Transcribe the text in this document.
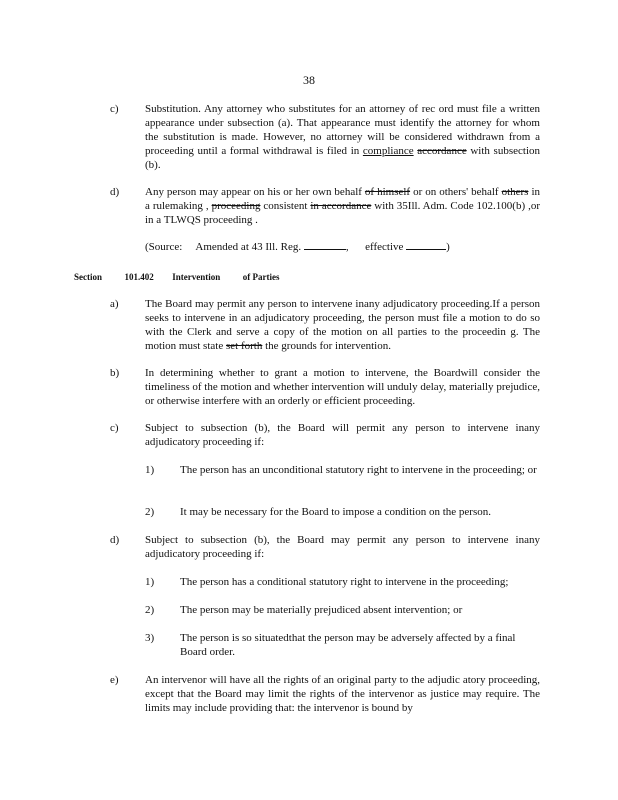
38
c) Substitution. Any attorney who substitutes for an attorney of rec ord must file a written appearance under subsection (a). That appearance must identify the attorney for whom the substitution is made. However, no attorney will be considered withdrawn from a proceeding until a formal withdrawal is filed in compliance accordance with subsection (b).
d) Any person may appear on his or her own behalf of himself or on others' behalf others in a rulemaking , proceeding consistent in accordance with 35Ill. Adm. Code 102.100(b) ,or in a TLWQS proceeding .
(Source: Amended at 43 Ill. Reg.	,      effective	)
Section	101.402 Intervention	of Parties
a) The Board may permit any person to intervene inany adjudicatory proceeding.If a person seeks to intervene in an adjudicatory proceeding, the person must file a motion to do so with the Clerk and serve a copy of the motion on all parties to the proceedin g. The motion must state set forth the grounds for intervention.
b) In determining whether to grant a motion to intervene, the Boardwill consider the timeliness of the motion and whether intervention will unduly delay, materially prejudice, or otherwise interfere with an orderly or efficient proceeding.
c) Subject to subsection (b), the Board will permit any person to intervene inany adjudicatory proceeding if:
1) The person has an unconditional statutory right to intervene in the proceeding; or
2) It may be necessary for the Board to impose a condition on the person.
d) Subject to subsection (b), the Board may permit any person to intervene inany adjudicatory proceeding if:
1) The person has a conditional statutory right to intervene in the proceeding;
2) The person may be materially prejudiced absent intervention; or
3) The person is so situatedthat the person may be adversely affected by a final Board order.
e) An intervenor will have all the rights of an original party to the adjudic atory proceeding, except that the Board may limit the rights of the intervenor as justice may require. The limits may include providing that: the intervenor is bound by
